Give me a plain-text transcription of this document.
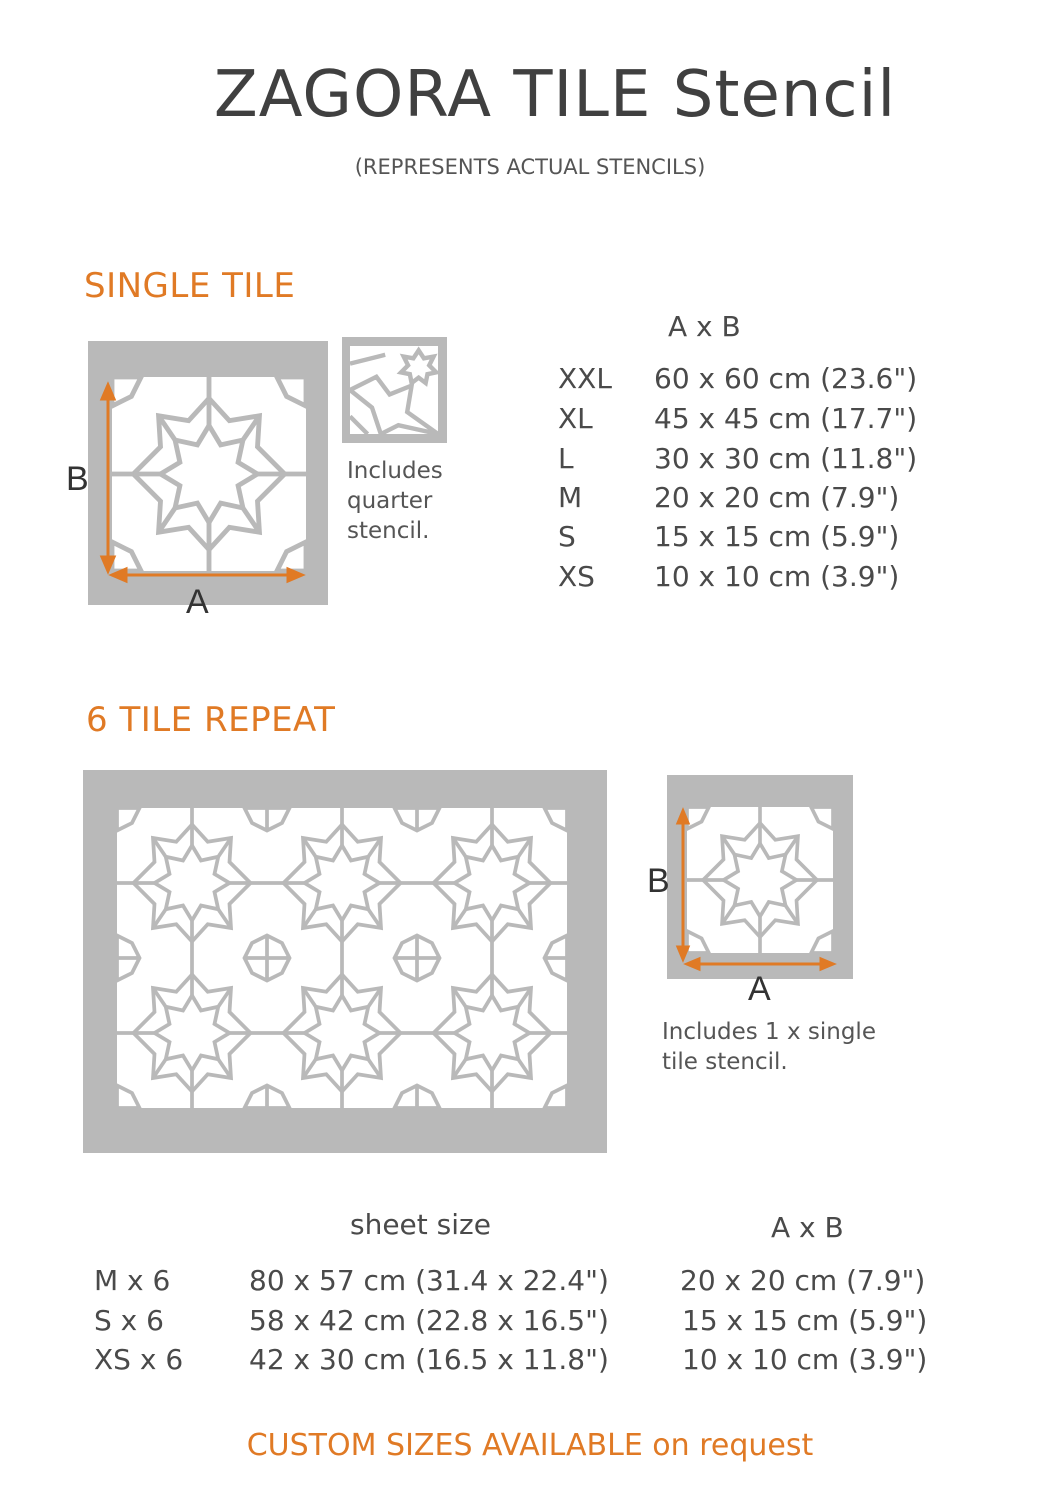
ZAGORA TILE Stencil
(REPRESENTS ACTUAL STENCILS)
SINGLE TILE
B
A
Includes
quarter
stencil.
A x B
XXL 60 x 60 cm (23.6")
XL 45 x 45 cm (17.7")
L	30 x 30 cm (11.8")
M	20 x 20 cm (7.9")
S	15 x 15 cm (5.9")
XS 10 x 10 cm (3.9")
6 TILE REPEAT
B
A
Includes 1 x single
tile stencil.
sheet size	A x B
M x 6	80 x 57 cm (31.4 x 22.4")	20 x 20 cm (7.9")
S x 6	58 x 42 cm (22.8 x 16.5")	15 x 15 cm (5.9")
XS x 6 42 x 30 cm (16.5 x 11.8")	10 x 10 cm (3.9")
CUSTOM SIZES AVAILABLE on request
